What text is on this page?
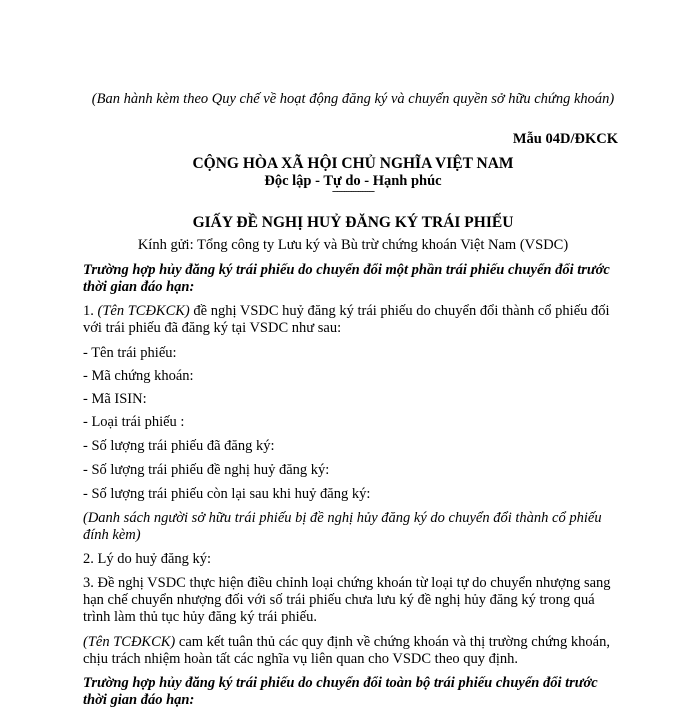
(Ban hành kèm theo Quy chế về hoạt động đăng ký và chuyển quyền sở hữu chứng khoán)

Mẫu 04D/ĐKCK

CỘNG HÒA XÃ HỘI CHỦ NGHĨA VIỆT NAM

Độc lập - Tự do - Hạnh phúc

------------------

GIẤY ĐỀ NGHỊ HUỶ ĐĂNG KÝ TRÁI PHIẾU

Kính gửi: Tổng công ty Lưu ký và Bù trừ chứng khoán Việt Nam (VSDC)

Trường hợp hủy đăng ký trái phiếu do chuyển đổi một phần trái phiếu chuyển đổi trước thời gian đáo hạn:

1. (Tên TCĐKCK) đề nghị VSDC huỷ đăng ký trái phiếu do chuyển đổi thành cổ phiếu đối với trái phiếu đã đăng ký tại VSDC như sau:

- Tên trái phiếu:

- Mã chứng khoán:

- Mã ISIN:

- Loại trái phiếu :

- Số lượng trái phiếu đã đăng ký:

- Số lượng trái phiếu đề nghị huỷ đăng ký:

- Số lượng trái phiếu còn lại sau khi huỷ đăng ký:

(Danh sách người sở hữu trái phiếu bị đề nghị hủy đăng ký do chuyển đổi thành cổ phiếu đính kèm)

2. Lý do huỷ đăng ký:

3. Đề nghị VSDC thực hiện điều chỉnh loại chứng khoán từ loại tự do chuyển nhượng sang hạn chế chuyển nhượng đối với số trái phiếu chưa lưu ký đề nghị hủy đăng ký trong quá trình làm thủ tục hủy đăng ký trái phiếu.

(Tên TCĐKCK) cam kết tuân thủ các quy định về chứng khoán và thị trường chứng khoán, chịu trách nhiệm hoàn tất các nghĩa vụ liên quan cho VSDC theo quy định.

Trường hợp hủy đăng ký trái phiếu do chuyển đổi toàn bộ trái phiếu chuyển đổi trước thời gian đáo hạn:
